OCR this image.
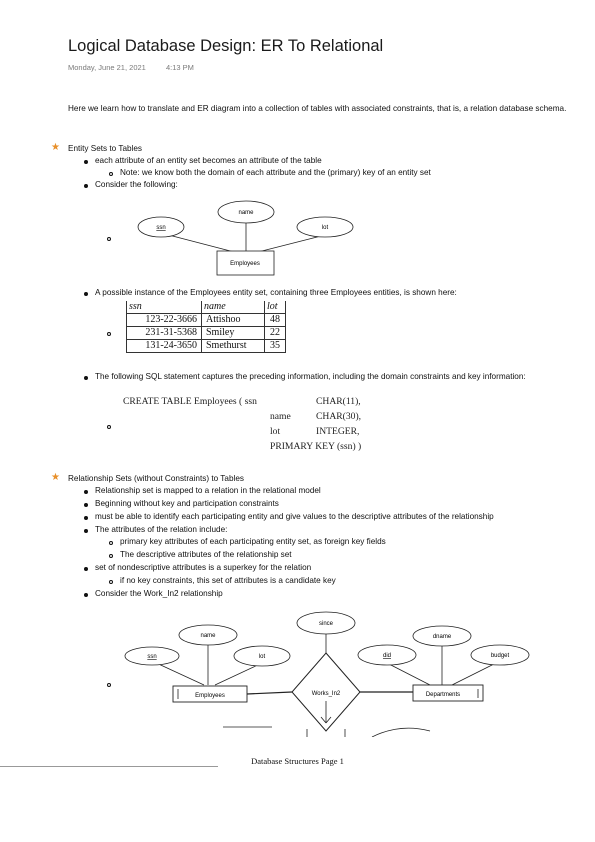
Logical Database Design: ER To Relational
Monday, June 21, 2021	4:13 PM
Here we learn how to translate and ER diagram into a collection of tables with associated constraints, that is, a relation database schema.
★ Entity Sets to Tables
each attribute of an entity set becomes an attribute of the table
Note: we know both the domain of each attribute and the (primary) key of an entity set
Consider the following:
ssn
name
lot
Employees
A possible instance of the Employees entity set, containing three Employees entities, is shown here:
ssn	name	lot
123-22-3666	Attishoo	48
231-31-5368	Smiley	22
131-24-3650	Smethurst	35
The following SQL statement captures the preceding information, including the domain constraints and key information:
CREATE TABLE Employees ( ssn	CHAR(11),
name	CHAR(30),
lot	INTEGER,
PRIMARY KEY (ssn) )
★ Relationship Sets (without Constraints) to Tables
Relationship set is mapped to a relation in the relational model
Beginning without key and participation constraints
must be able to identify each participating entity and give values to the descriptive attributes of the relationship
The attributes of the relation include:
primary key attributes of each participating entity set, as foreign key fields
The descriptive attributes of the relationship set
set of nondescriptive attributes is a superkey for the relation
if no key constraints, this set of attributes is a candidate key
Consider the Work_In2 relationship
ssn
name
lot
since
did
dname
budget
Employees	Departments
Works_In2
Database Structures Page 1
